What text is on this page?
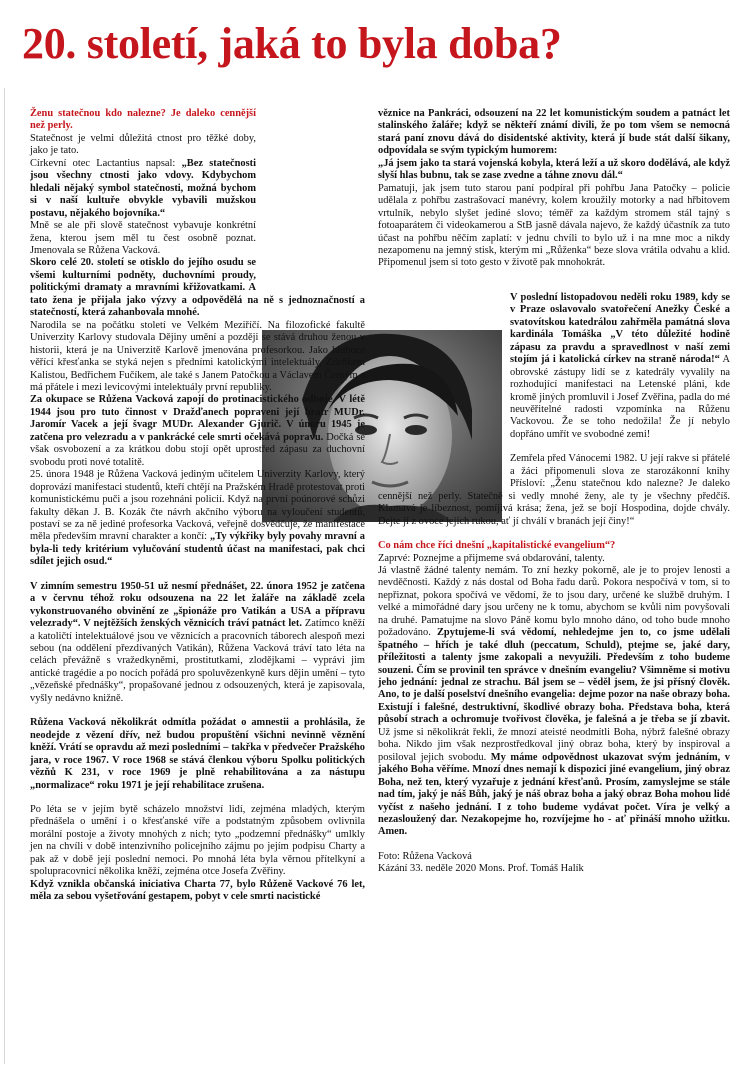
20. století, jaká to byla doba?

Ženu statečnou kdo nalezne? Je daleko cennější než perly.

Statečnost je velmi důležitá ctnost pro těžké doby, jako je tato.

Církevní otec Lactantius napsal: „Bez statečnosti jsou všechny ctnosti jako vdovy. Kdybychom hledali nějaký symbol statečnosti, možná bychom si v naší kultuře obvykle vybavili mužskou postavu, nějakého bojovníka.“

Mně se ale při slově statečnost vybavuje konkrétní žena, kterou jsem měl tu čest osobně poznat. Jmenovala se Růžena Vacková.

Skoro celé 20. století se otisklo do jejího osudu se všemi kulturními podněty, duchovními proudy, politickými dramaty a mravními křižovatkami. A tato žena je přijala jako výzvy a odpovědělá na ně s jednoznačností a statečností, která zahanbovala mnohé.

Narodila se na počátku století ve Velkém Meziříčí. Na filozofické fakultě Univerzity Karlovy studovala Dějiny umění a později se stává druhou ženou v historii, která je na Univerzitě Karlově jmenována profesorkou. Jako hluboce věřící křesťanka se styká nejen s předními katolickými intelektuály, Zdeňkem Kalistou, Bedřichem Fučíkem, ale také s Janem Patočkou a Václavem Černým a má přátele i mezi levicovými intelektuály první republiky.

Za okupace se Růžena Vacková zapojí do protinacistického odboje. V létě 1944 jsou pro tuto činnost v Dražďanech popraveni její bratr MUDr. Jaromír Vacek a její švagr MUDr. Alexander Gjurič. V únoru 1945 je zatčena pro velezradu a v pankrácké cele smrti očekává popravu. Dočká se však osvobození a za krátkou dobu stojí opět uprostřed zápasu za duchovní svobodu proti nové totalitě.

25. února 1948 je Růžena Vacková jediným učitelem Univerzity Karlovy, který doprovází manifestaci studentů, kteří chtějí na Pražském Hradě protestovat proti komunistickému puči a jsou rozehnáni policií. Když na první poúnorové schůzi fakulty děkan J. B. Kozák čte návrh akčního výboru na vyloučení studentů, postaví se za ně jediné profesorka Vacková, veřejně dosvědčuje, že manifestace měla především mravní charakter a končí: „Ty výkřiky byly povahy mravní a byla-li tedy kritérium vylučování studentů účast na manifestaci, pak chci sdílet jejich osud.“

V zimním semestru 1950-51 už nesmí přednášet, 22. února 1952 je zatčena a v červnu téhož roku odsouzena na 22 let žaláře na základě zcela vykonstruovaného obvinění ze „špionáže pro Vatikán a USA a přípravu velezrady“. V nejtěžších ženských věznicích tráví patnáct let. Zatímco kněží a katoličtí intelektuálové jsou ve věznicích a pracovních táborech alespoň mezi sebou (na oddělení přezdívaných Vatikán), Růžena Vacková tráví tato léta na celách převážně s vražedkyněmi, prostitutkami, zlodějkami – vyprávi jim antické tragédie a po nocích pořádá pro spoluvězenkyně kurs dějin umění – tyto „vězeňské přednášky“, propašované jednou z odsouzených, která je zapisovala, vyšly nedávno knižně.

Růžena Vacková několikrát odmítla požádat o amnestii a prohlásila, že neodejde z vězení dřív, než budou propuštění všichni nevinně věznění kněží. Vrátí se opravdu až mezi posledními – takřka v předvečer Pražského jara, v roce 1967. V roce 1968 se stává členkou výboru Spolku politických vězňů K 231, v roce 1969 je plně rehabilitována a za nástupu „normalizace“ roku 1971 je její rehabilitace zrušena.

Po léta se v jejím bytě scházelo množství lidí, zejména mladých, kterým přednášela o umění i o křesťanské víře a podstatným způsobem ovlivnila morální postoje a životy mnohých z nich; tyto „podzemní přednášky“ umlkly jen na chvíli v době intenzivního policejního zájmu po jejím podpisu Charty a pak až v době její poslední nemoci. Po mnohá léta byla věrnou přítelkyní a spolupracovnicí několika kněží, zejména otce Josefa Zvěřiny.

Když vznikla občanská iniciativa Charta 77, bylo Růženě Vackové 76 let, měla za sebou vyšetřování gestapem, pobyt v cele smrti nacistické

věznice na Pankráci, odsouzení na 22 let komunistickým soudem a patnáct let stalinského žaláře; když se někteří známí divili, že po tom všem se nemocná stará paní znovu dává do disidentské aktivity, která jí bude stát další šikany, odpovídala se svým typickým humorem:

„Já jsem jako ta stará vojenská kobyla, která leží a už skoro dodělává, ale když slyší hlas bubnu, tak se zase zvedne a táhne znovu dál.“

Pamatuji, jak jsem tuto starou paní podpíral při pohřbu Jana Patočky – policie udělala z pohřbu zastrašovací manévry, kolem kroužily motorky a nad hřbitovem vrtulník, nebylo slyšet jediné slovo; téměř za každým stromem stál tajný s fotoaparátem či videokamerou a StB jasně dávala najevo, že každý účastník za tuto účast na pohřbu něčím zaplatí: v jednu chvíli to bylo už i na mne moc a nikdy nezapomenu na jemný stisk, kterým mi „Růženka“ beze slova vrátila odvahu a klid. Připomenul jsem si toto gesto v životě pak mnohokrát.

V poslední listopadovou neděli roku 1989, kdy se v Praze oslavovalo svatořečení Anežky České a svatovítskou katedrálou zahřměla památná slova kardinála Tomáška „V této důležité hodině zápasu za pravdu a spravedlnost v naší zemi stojím já i katolická církev na straně národa!“ A obrovské zástupy lidí se z katedrály vyvalily na rozhodující manifestaci na Letenské pláni, kde kromě jiných promluvil i Josef Zvěřina, padla do mé neuvěřitelné radosti vzpomínka na Růženu Vackovou. Že se toho nedožila! Že jí nebylo dopřáno umřít ve svobodné zemi!

Zemřela před Vánocemi 1982. U její rakve si přátelé a žáci připomenuli slova ze starozákonní knihy Přísloví: „Ženu statečnou kdo nalezne? Je daleko cennější než perly. Statečně si vedly mnohé ženy, ale ty je všechny předčíš. Klamavá je líbeznost, pomíjivá krása; žena, jež se bojí Hospodina, dojde chvály. Dejte jí z ovoce jejích rukou, ať jí chválí v branách její činy!“

Co nám chce říci dnešní „kapitalistické evangelium“?

Zaprvé: Poznejme a přijmeme svá obdarování, talenty.

Já vlastně žádné talenty nemám. To zní hezky pokorně, ale je to projev lenosti a nevděčnosti. Každý z nás dostal od Boha řadu darů. Pokora nespočívá v tom, si to nepřiznat, pokora spočívá ve vědomí, že to jsou dary, určené ke službě druhým. I velké a mimořádné dary jsou určeny ne k tomu, abychom se kvůli nim povyšovali na druhé. Pamatujme na slovo Páně komu bylo mnoho dáno, od toho bude mnoho požadováno. Zpytujeme-li svá vědomí, nehledejme jen to, co jsme udělali špatného – hřích je také dluh (peccatum, Schuld), ptejme se, jaké dary, příležitosti a talenty jsme zakopali a nevyužili. Především z toho budeme souzeni. Čím se provinil ten správce v dnešním evangeliu? Všimněme si motivu jeho jednání: jednal ze strachu. Bál jsem se – věděl jsem, že jsi přísný člověk. Ano, to je další poselství dnešního evangelia: dejme pozor na naše obrazy boha. Existují i falešné, destruktivní, škodlivé obrazy boha. Představa boha, která působí strach a ochromuje tvořivost člověka, je falešná a je třeba se jí zbavit. Už jsme si několikrát řekli, že mnozí ateisté neodmítli Boha, nýbrž falešné obrazy boha. Nikdo jim však nezprostředkoval jiný obraz boha, který by inspiroval a posiloval jejich svobodu. My máme odpovědnost ukazovat svým jednáním, v jakého Boha věříme. Mnozí dnes nemají k dispozici jiné evangelium, jiný obraz Boha, než ten, který vyzařuje z jednání křesťanů. Prosím, zamyslejme se stále nad tím, jaký je náš Bůh, jaký je náš obraz boha a jaký obraz Boha mohou lidé vyčíst z našeho jednání. I z toho budeme vydávat počet. Víra je velký a nezasloužený dar. Nezakopejme ho, rozvíjejme ho - ať přináší mnoho užitku. Amen.

Foto: Růžena Vacková

Kázání 33. neděle 2020 Mons. Prof. Tomáš Halík
